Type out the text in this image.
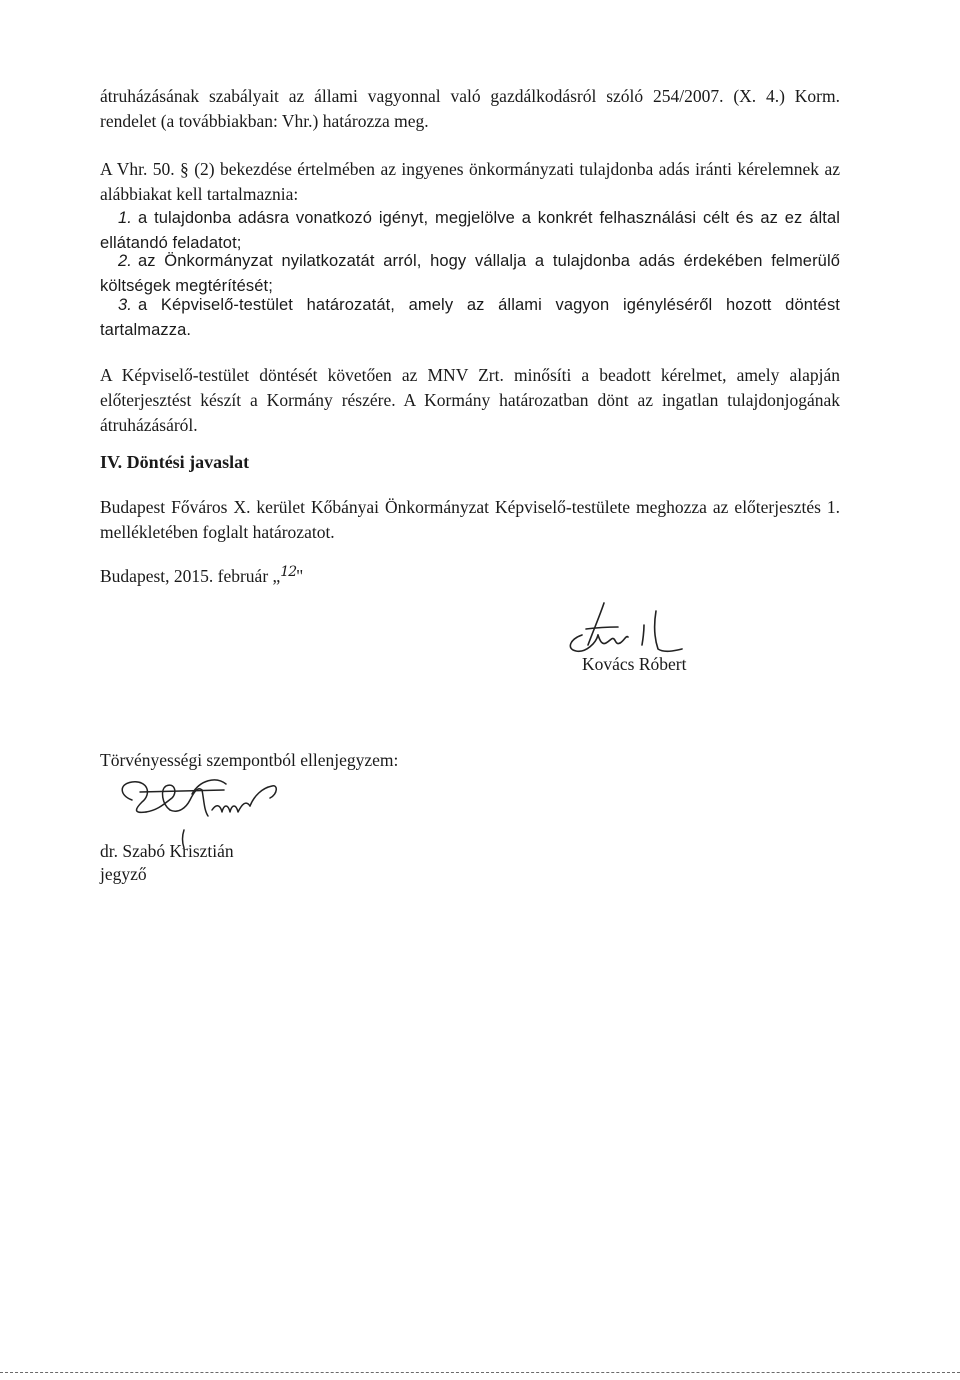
átruházásának szabályait az állami vagyonnal való gazdálkodásról szóló 254/2007. (X. 4.) Korm. rendelet (a továbbiakban: Vhr.) határozza meg.
A Vhr. 50. § (2) bekezdése értelmében az ingyenes önkormányzati tulajdonba adás iránti kérelemnek az alábbiakat kell tartalmaznia:
1. a tulajdonba adásra vonatkozó igényt, megjelölve a konkrét felhasználási célt és az ez által ellátandó feladatot;
2. az Önkormányzat nyilatkozatát arról, hogy vállalja a tulajdonba adás érdekében felmerülő költségek megtérítését;
3. a Képviselő-testület határozatát, amely az állami vagyon igényléséről hozott döntést tartalmazza.
A Képviselő-testület döntését követően az MNV Zrt. minősíti a beadott kérelmet, amely alapján előterjesztést készít a Kormány részére. A Kormány határozatban dönt az ingatlan tulajdonjogának átruházásáról.
IV. Döntési javaslat
Budapest Főváros X. kerület Kőbányai Önkormányzat Képviselő-testülete meghozza az előterjesztés 1. mellékletében foglalt határozatot.
Budapest, 2015. február „$^{12}$"
Kovács Róbert
Törvényességi szempontból ellenjegyzem:
dr. Szabó Krisztián
jegyző
